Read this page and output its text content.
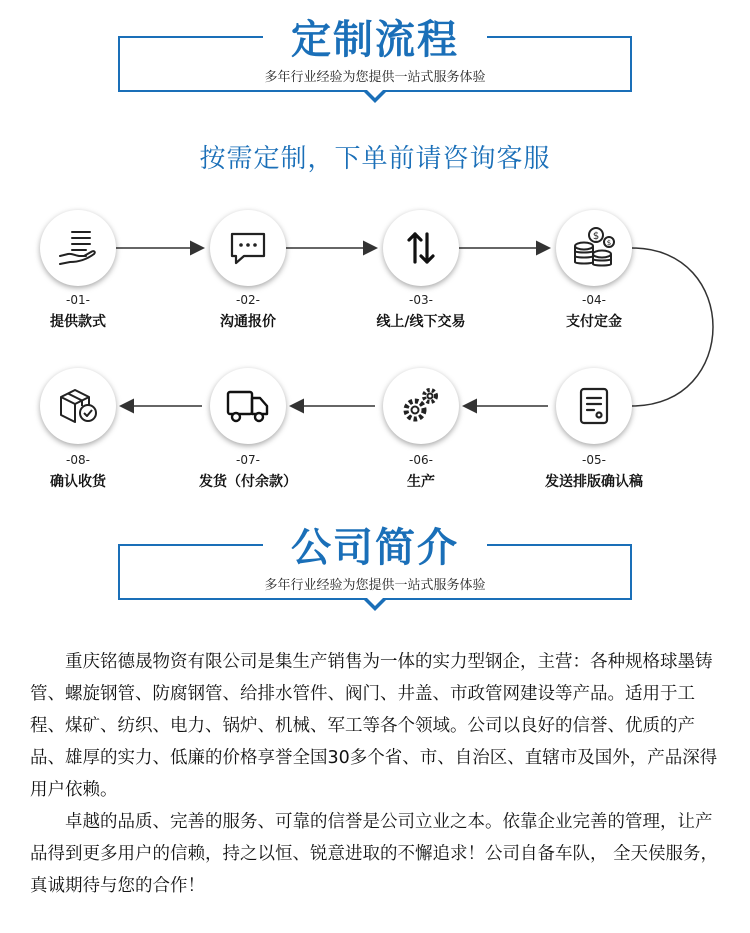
定制流程
多年行业经验为您提供一站式服务体验
按需定制，下单前请咨询客服
-01-
提供款式
-02-
沟通报价
-03-
线上/线下交易
$
$
-04-
支付定金
-05-
发送排版确认稿
-06-
生产
-07-
发货（付余款）
-08-
确认收货
公司简介
多年行业经验为您提供一站式服务体验

重庆铭德晟物资有限公司是集生产销售为一体的实力型钢企，主营：各种规格球墨铸管、螺旋钢管、防腐钢管、给排水管件、阀门、井盖、市政管网建设等产品。适用于工程、煤矿、纺织、电力、锅炉、机械、军工等各个领域。公司以良好的信誉、优质的产品、雄厚的实力、低廉的价格享誉全国30多个省、市、自治区、直辖市及国外，产品深得用户依赖。

卓越的品质、完善的服务、可靠的信誉是公司立业之本。依靠企业完善的管理，让产品得到更多用户的信赖，持之以恒、锐意进取的不懈追求！公司自备车队， 全天侯服务，真诚期待与您的合作！
